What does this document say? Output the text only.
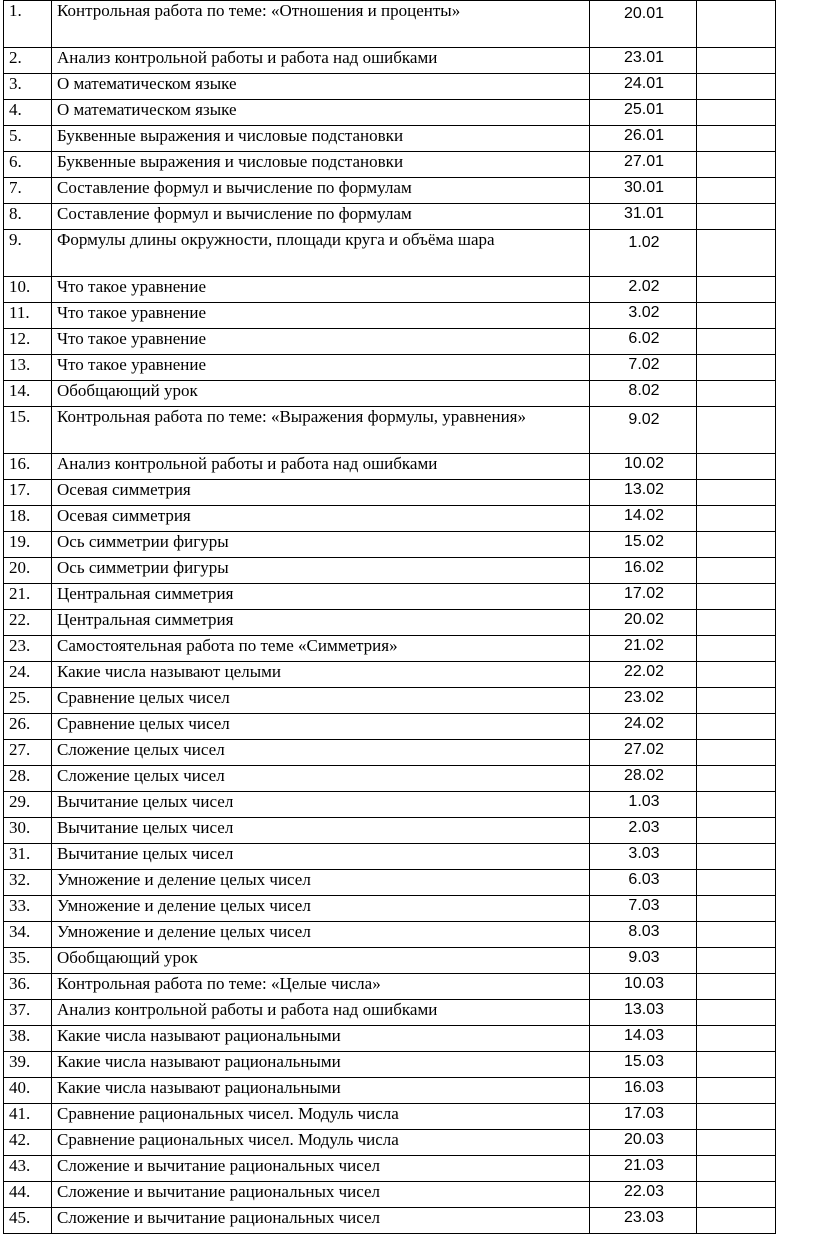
1.	Контрольная работа по теме: «Отношения и проценты»	20.01	
2.	Анализ контрольной работы и работа над ошибками	23.01	
3.	О математическом языке	24.01	
4.	О математическом языке	25.01	
5.	Буквенные выражения и числовые подстановки	26.01	
6.	Буквенные выражения и числовые подстановки	27.01	
7.	Составление формул и вычисление по формулам	30.01	
8.	Составление формул и вычисление по формулам	31.01	
9.	Формулы длины окружности, площади круга и объёма шара	1.02	
10.	Что такое уравнение	2.02	
11.	Что такое уравнение	3.02	
12.	Что такое уравнение	6.02	
13.	Что такое уравнение	7.02	
14.	Обобщающий урок	8.02	
15.	Контрольная работа по теме: «Выражения формулы, уравнения»	9.02	
16.	Анализ контрольной работы и работа над ошибками	10.02	
17.	Осевая симметрия	13.02	
18.	Осевая симметрия	14.02	
19.	Ось симметрии фигуры	15.02	
20.	Ось симметрии фигуры	16.02	
21.	Центральная симметрия	17.02	
22.	Центральная симметрия	20.02	
23.	Самостоятельная работа по теме «Симметрия»	21.02	
24.	Какие числа называют целыми	22.02	
25.	Сравнение целых чисел	23.02	
26.	Сравнение целых чисел	24.02	
27.	Сложение целых чисел	27.02	
28.	Сложение целых чисел	28.02	
29.	Вычитание целых чисел	1.03	
30.	Вычитание целых чисел	2.03	
31.	Вычитание целых чисел	3.03	
32.	Умножение и деление целых чисел	6.03	
33.	Умножение и деление целых чисел	7.03	
34.	Умножение и деление целых чисел	8.03	
35.	Обобщающий урок	9.03	
36.	Контрольная работа по теме: «Целые числа»	10.03	
37.	Анализ контрольной работы и работа над ошибками	13.03	
38.	Какие числа называют рациональными	14.03	
39.	Какие числа называют рациональными	15.03	
40.	Какие числа называют рациональными	16.03	
41.	Сравнение рациональных чисел. Модуль числа	17.03	
42.	Сравнение рациональных чисел. Модуль числа	20.03	
43.	Сложение и вычитание рациональных чисел	21.03	
44.	Сложение и вычитание рациональных чисел	22.03	
45.	Сложение и вычитание рациональных чисел	23.03	
